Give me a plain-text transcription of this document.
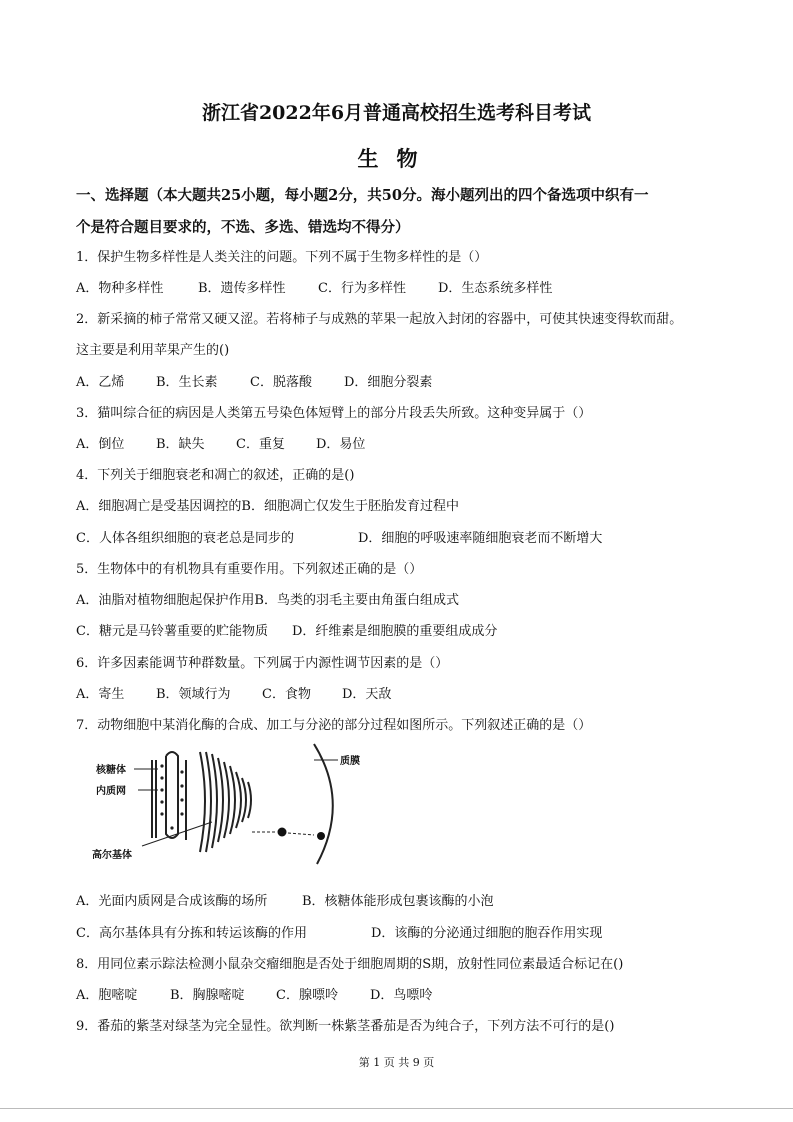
浙江省2022年6月普通高校招生选考科目考试
生物
一、选择题（本大题共25小题，每小题2分，共50分。海小题列出的四个备选项中织有一
个是符合题目要求的，不选、多选、错选均不得分）
1．保护生物多样性是人类关注的问题。下列不属于生物多样性的是（）
A．物种多样性	B．遗传多样性 C．行为多样性 D．生态系统多样性
2．新采摘的柿子常常又硬又涩。若将柿子与成熟的苹果一起放入封闭的容器中，可使其快速变得软而甜。
这主要是利用苹果产生的()
A．乙烯 B．生长素 C．脱落酸 D．细胞分裂素
3．猫叫综合征的病因是人类第五号染色体短臂上的部分片段丢失所致。这种变异属于（）
A．倒位 B．缺失 C．重复 D．易位
4．下列关于细胞衰老和凋亡的叙述，正确的是()
A．细胞凋亡是受基因调控的B．细胞凋亡仅发生于胚胎发育过程中
C．人体各组织细胞的衰老总是同步的	D．细胞的呼吸速率随细胞衰老而不断增大
5．生物体中的有机物具有重要作用。下列叙述正确的是（）
A．油脂对植物细胞起保护作用B．鸟类的羽毛主要由角蛋白组成式
C．糖元是马铃薯重要的贮能物质 D．纤维素是细胞膜的重要组成成分
6．许多因素能调节种群数量。下列属于内源性调节因素的是（）
A．寄生 B．领域行为 C．食物 D．天敌
7．动物细胞中某消化酶的合成、加工与分泌的部分过程如图所示。下列叙述正确的是（）
核糖体
内质网
高尔基体
质膜
A．光面内质网是合成该酶的场所	B．核糖体能形成包裹该酶的小泡
C．高尔基体具有分拣和转运该酶的作用	D．该酶的分泌通过细胞的胞吞作用实现
8．用同位素示踪法检测小鼠杂交瘤细胞是否处于细胞周期的S期，放射性同位素最适合标记在()
A．胞嘧啶	B．胸腺嘧啶 C．腺嘌呤 D．鸟嘌呤
9．番茄的紫茎对绿茎为完全显性。欲判断一株紫茎番茄是否为纯合子，下列方法不可行的是()
第 1 页 共 9 页
